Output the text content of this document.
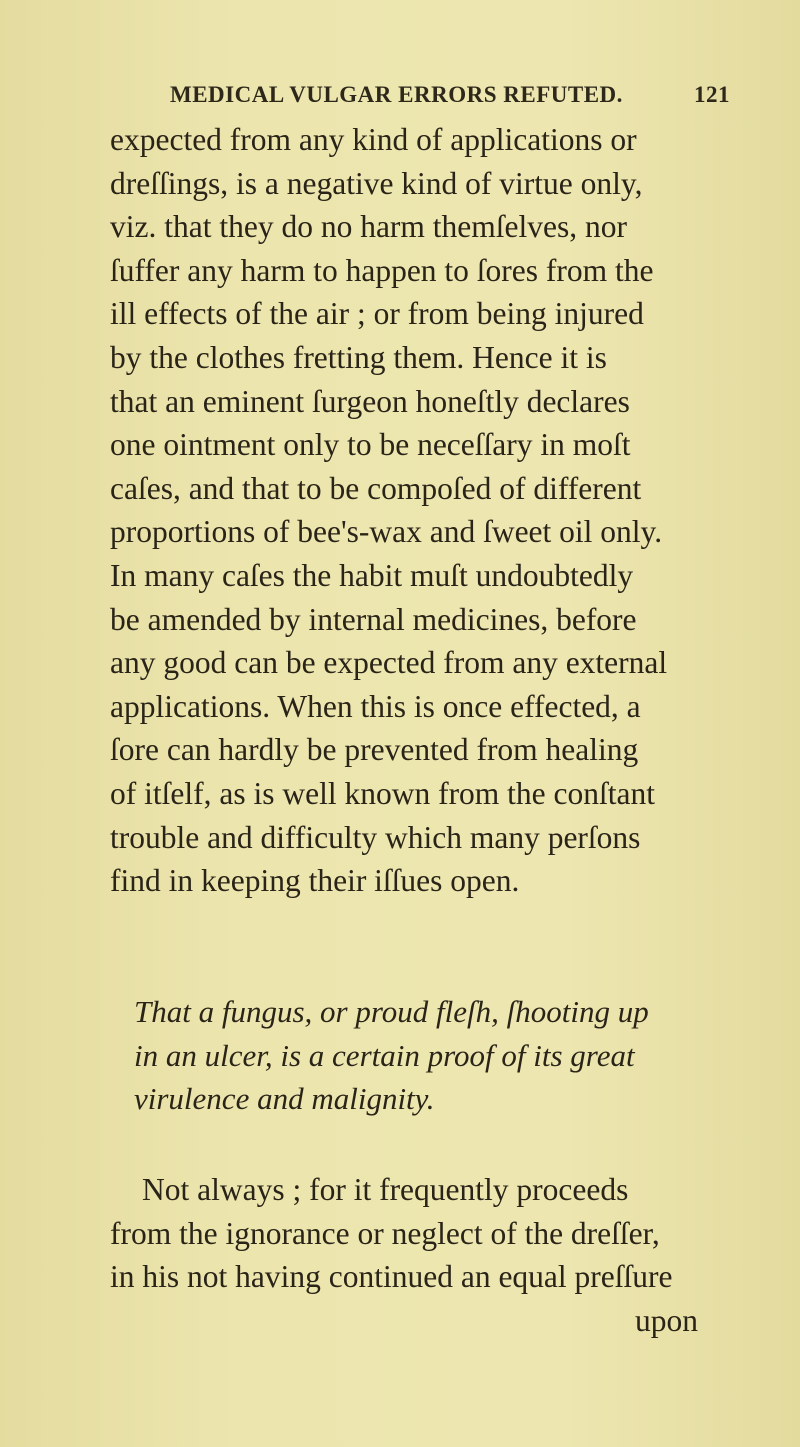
MEDICAL VULGAR ERRORS REFUTED.	121
expected from any kind of applications or
dreſſings, is a negative kind of virtue only,
viz. that they do no harm themſelves, nor
ſuffer any harm to happen to ſores from the
ill effects of the air ; or from being injured
by the clothes fretting them. Hence it is
that an eminent ſurgeon honeſtly declares
one ointment only to be neceſſary in moſt
caſes, and that to be compoſed of different
proportions of bee's-wax and ſweet oil only.
In many caſes the habit muſt undoubtedly
be amended by internal medicines, before
any good can be expected from any external
applications. When this is once effected, a
ſore can hardly be prevented from healing
of itſelf, as is well known from the conſtant
trouble and difficulty which many perſons
find in keeping their iſſues open.
That a fungus, or proud fleſh, ſhooting up
in an ulcer, is a certain proof of its great
virulence and malignity.
Not always ; for it frequently proceeds
from the ignorance or neglect of the dreſſer,
in his not having continued an equal preſſure
upon
